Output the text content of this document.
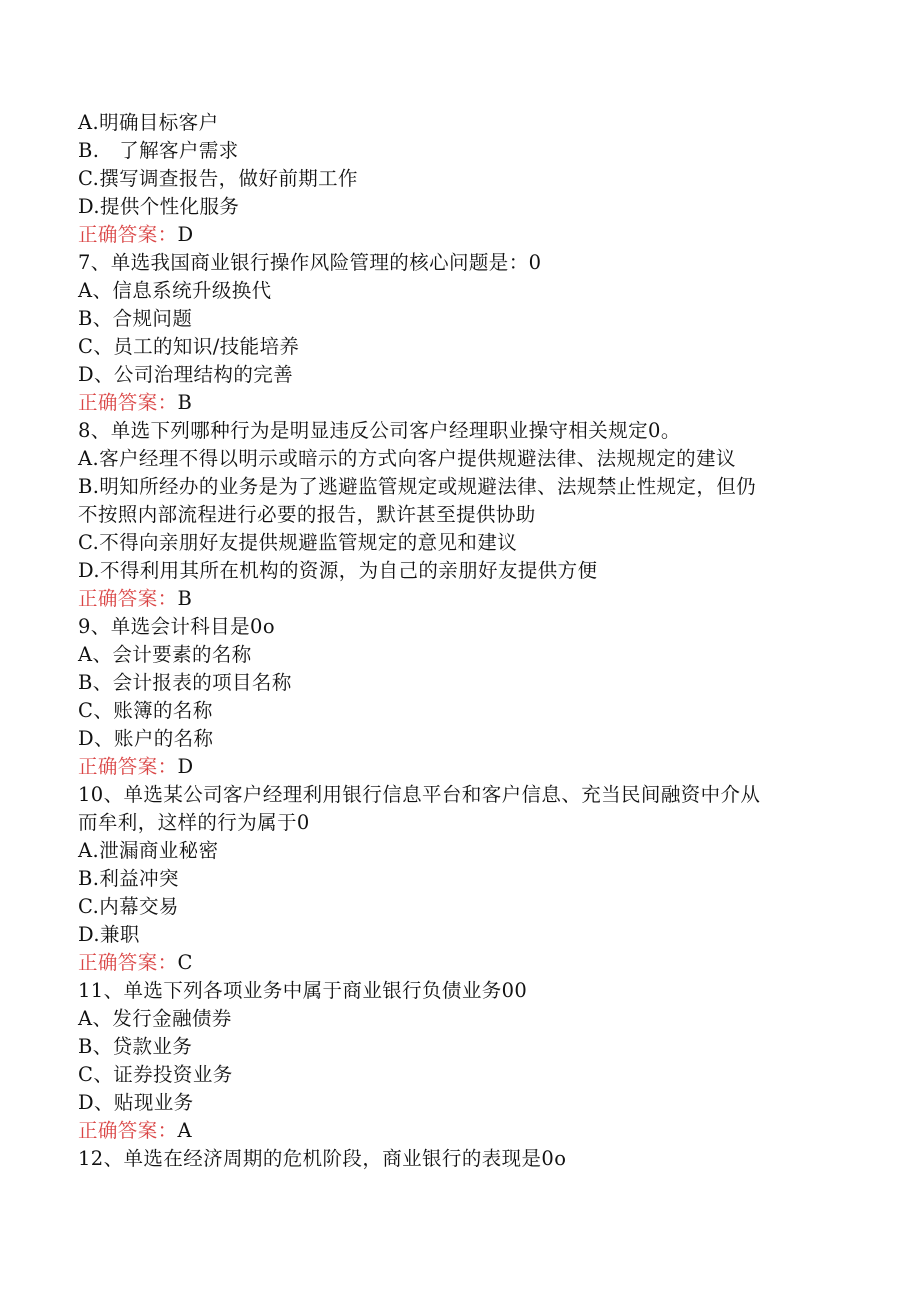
A.明确目标客户
B.　了解客户需求
C.撰写调查报告，做好前期工作
D.提供个性化服务
正确答案：D
7、单选我国商业银行操作风险管理的核心问题是：0
A、信息系统升级换代
B、合规问题
C、员工的知识/技能培养
D、公司治理结构的完善
正确答案：B
8、单选下列哪种行为是明显违反公司客户经理职业操守相关规定0。
A.客户经理不得以明示或暗示的方式向客户提供规避法律、法规规定的建议
B.明知所经办的业务是为了逃避监管规定或规避法律、法规禁止性规定，但仍
不按照内部流程进行必要的报告，默许甚至提供协助
C.不得向亲朋好友提供规避监管规定的意见和建议
D.不得利用其所在机构的资源，为自己的亲朋好友提供方便
正确答案：B
9、单选会计科目是0o
A、会计要素的名称
B、会计报表的项目名称
C、账簿的名称
D、账户的名称
正确答案：D
10、单选某公司客户经理利用银行信息平台和客户信息、充当民间融资中介从
而牟利，这样的行为属于0
A.泄漏商业秘密
B.利益冲突
C.内幕交易
D.兼职
正确答案：C
11、单选下列各项业务中属于商业银行负债业务00
A、发行金融债券
B、贷款业务
C、证券投资业务
D、贴现业务
正确答案：A
12、单选在经济周期的危机阶段，商业银行的表现是0o
